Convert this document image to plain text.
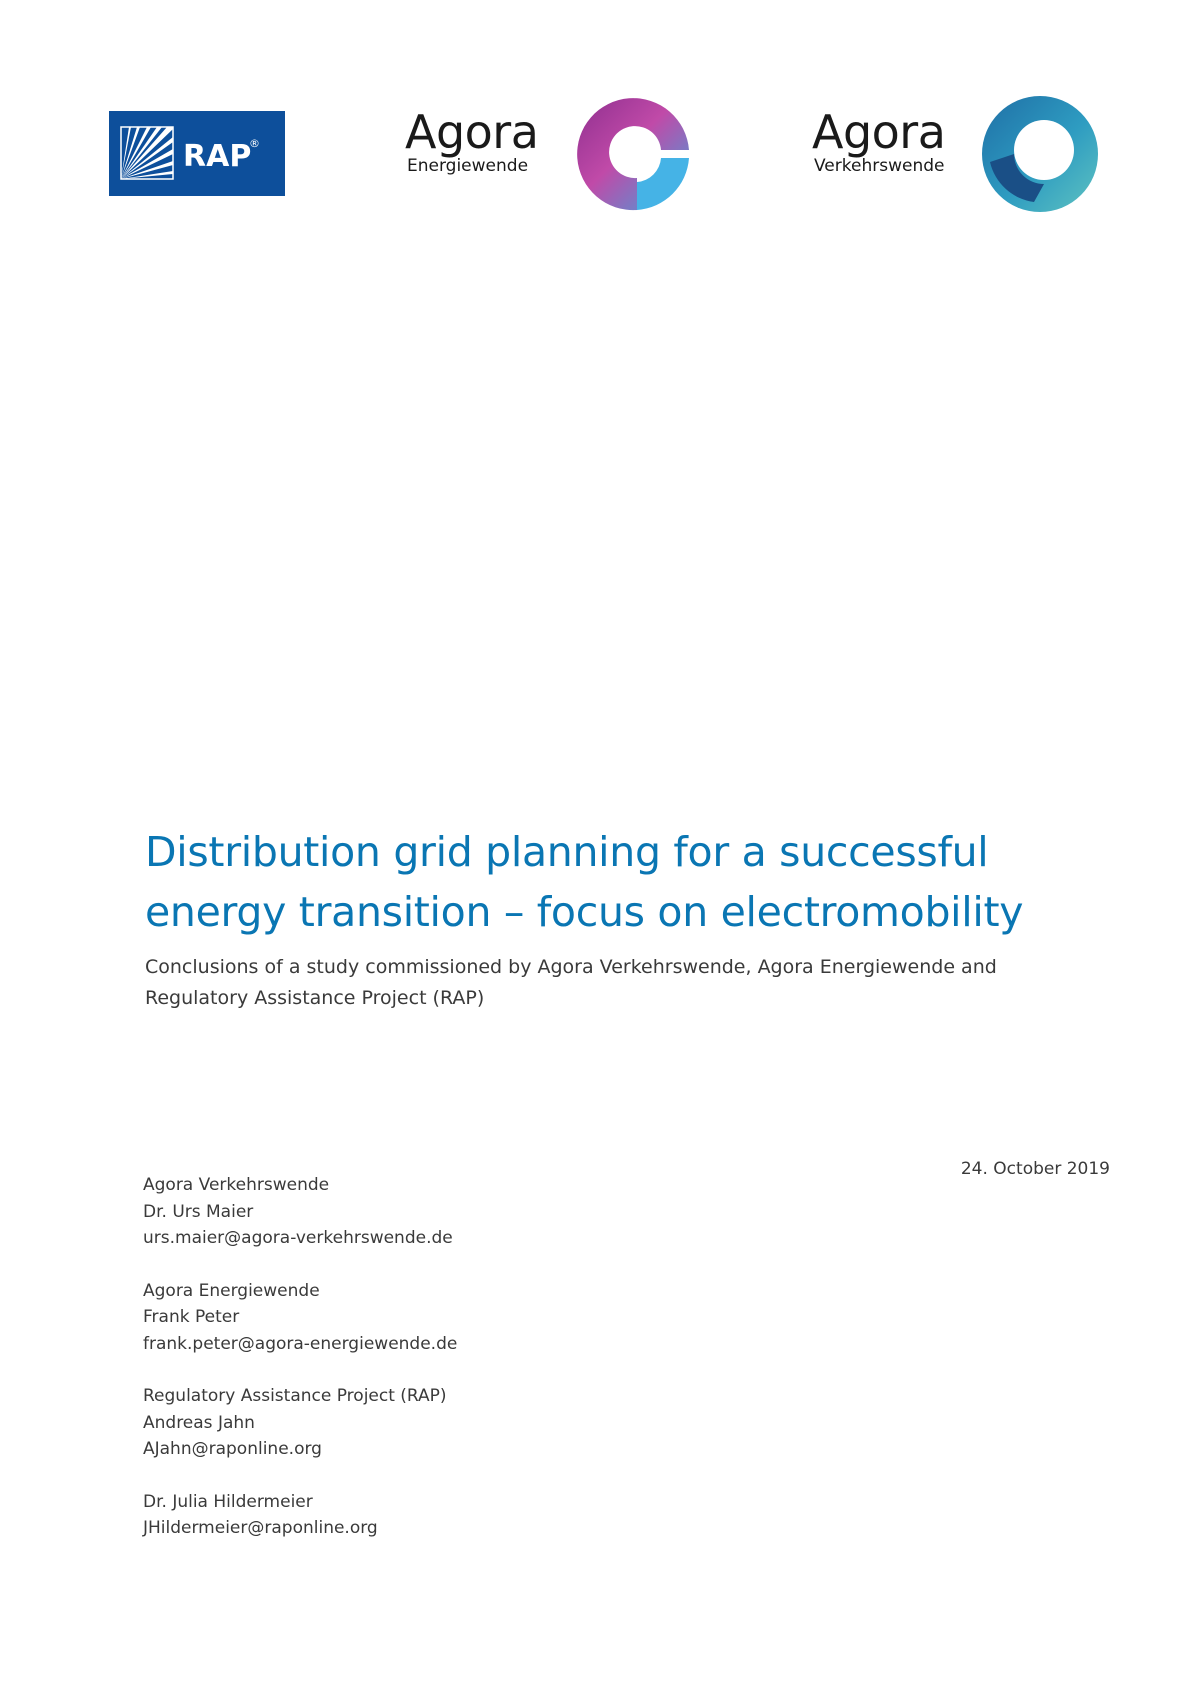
RAP
®	Agora
Energiewende
Agora
Verkehrswende
Distribution grid planning for a successful
energy transition – focus on electromobility

Conclusions of a study commissioned by Agora Verkehrswende, Agora Energiewende and
Regulatory Assistance Project (RAP)

24. October 2019
Agora Verkehrswende
Dr. Urs Maier
urs.maier@agora-verkehrswende.de
Agora Energiewende
Frank Peter
frank.peter@agora-energiewende.de
Regulatory Assistance Project (RAP)
Andreas Jahn
AJahn@raponline.org
Dr. Julia Hildermeier
JHildermeier@raponline.org
